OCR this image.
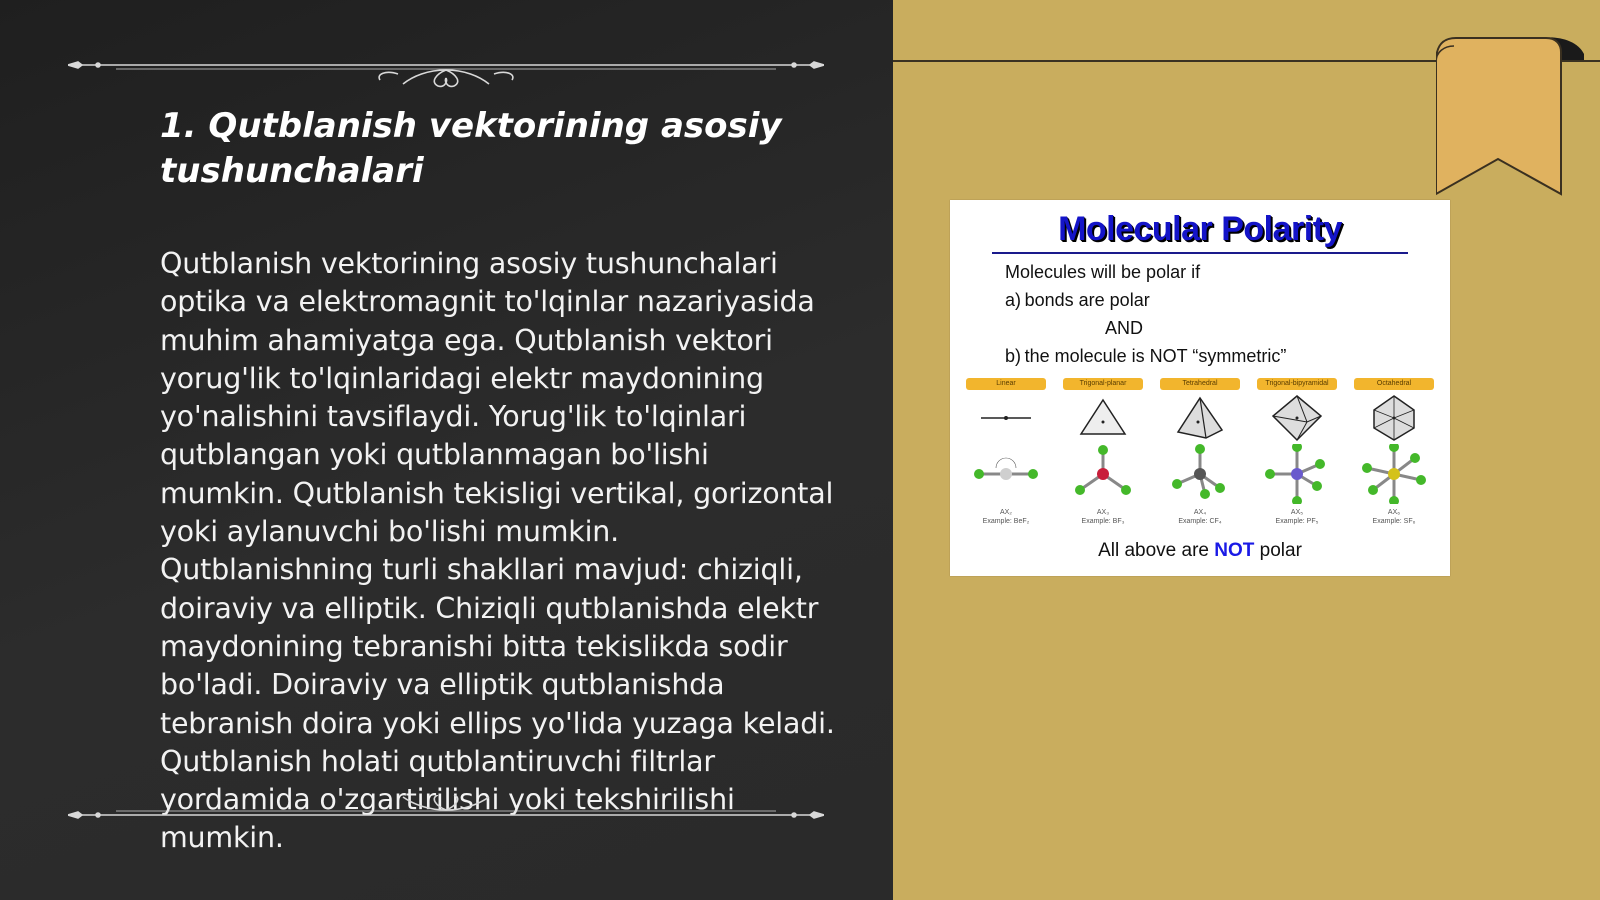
1. Qutblanish vektorining asosiy tushunchalari

Qutblanish vektorining asosiy tushunchalari optika va elektromagnit to'lqinlar nazariyasida muhim ahamiyatga ega. Qutblanish vektori yorug'lik to'lqinlaridagi elektr maydonining yo'nalishini tavsiflaydi. Yorug'lik to'lqinlari qutblangan yoki qutblanmagan bo'lishi mumkin. Qutblanish tekisligi vertikal, gorizontal yoki aylanuvchi bo'lishi mumkin. Qutblanishning turli shakllari mavjud: chiziqli, doiraviy va elliptik. Chiziqli qutblanishda elektr maydonining tebranishi bitta tekislikda sodir bo'ladi. Doiraviy va elliptik qutblanishda tebranish doira yoki ellips yo'lida yuzaga keladi. Qutblanish holati qutblantiruvchi filtrlar yordamida o'zgartirilishi yoki tekshirilishi mumkin.

Molecular Polarity
Molecules will be polar if
a) bonds are polar
AND
b) the molecule is NOT “symmetric”
Linear
AX₂
Example: BeF₂
Trigonal-planar
AX₃
Example: BF₃
Tetrahedral
AX₄
Example: CF₄
Trigonal-bipyramidal
AX₅
Example: PF₅
Octahedral
AX₆
Example: SF₆
All above are NOT polar
